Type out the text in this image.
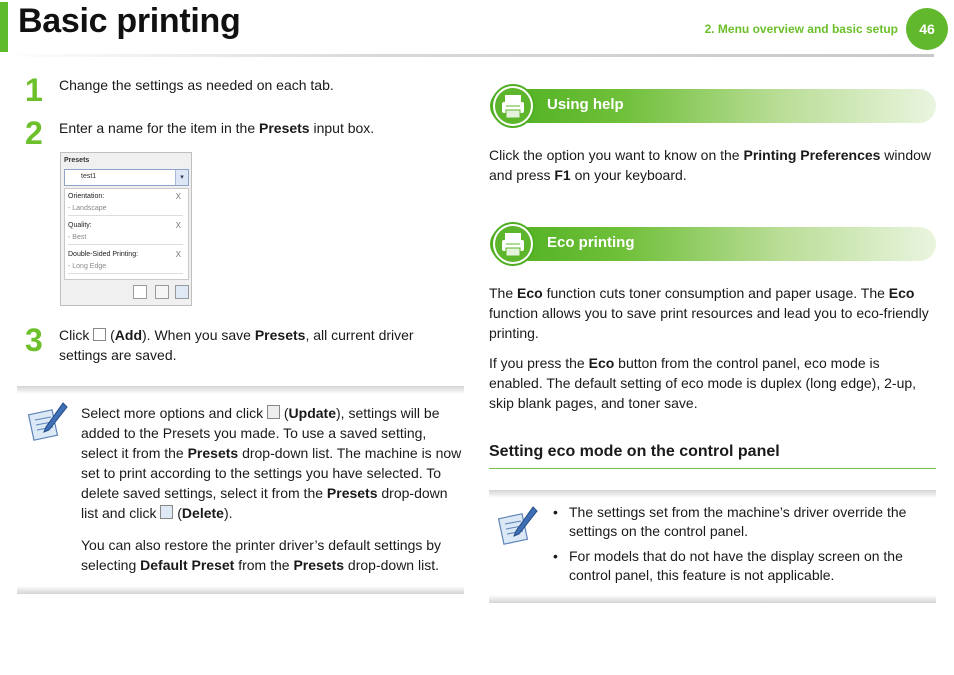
Basic printing	2. Menu overview and basic setup	46
1 Change the settings as needed on each tab.
2 Enter a name for the item in the Presets input box.
Presets
test1	▾
Orientation:
- Landscape
X
Quality:
- Best
X
Double-Sided Printing:
- Long Edge
X
3 Click  (Add). When you save Presets, all current driver settings are saved.
Select more options and click  (Update), settings will be added to the Presets you made. To use a saved setting, select it from the Presets drop-down list. The machine is now set to print according to the settings you have selected. To delete saved settings, select it from the Presets drop-down list and click  (Delete).
You can also restore the printer driver’s default settings by selecting Default Preset from the Presets drop-down list.
Using help
Click the option you want to know on the Printing Preferences window and press F1 on your keyboard.
Eco printing
The Eco function cuts toner consumption and paper usage. The Eco function allows you to save print resources and lead you to eco-friendly printing.
If you press the Eco button from the control panel, eco mode is enabled. The default setting of eco mode is duplex (long edge), 2-up, skip blank pages, and toner save.
Setting eco mode on the control panel
• The settings set from the machine’s driver override the settings on the control panel.
• For models that do not have the display screen on the control panel, this feature is not applicable.
